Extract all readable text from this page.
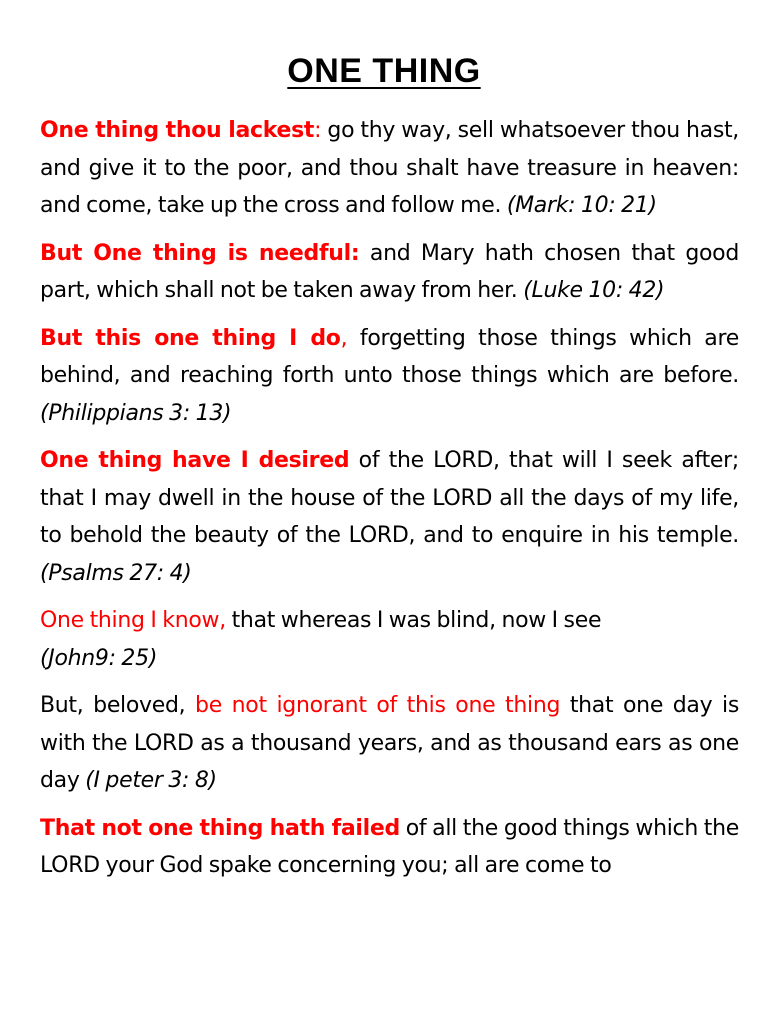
ONE THING

One thing thou lackest: go thy way, sell whatsoever thou hast, and give it to the poor, and thou shalt have treasure in heaven: and come, take up the cross and follow me. (Mark: 10: 21)

But One thing is needful: and Mary hath chosen that good part, which shall not be taken away from her. (Luke 10: 42)

But this one thing I do, forgetting those things which are behind, and reaching forth unto those things which are before. (Philippians 3: 13)

One thing have I desired of the LORD, that will I seek after; that I may dwell in the house of the LORD all the days of my life, to behold the beauty of the LORD, and to enquire in his temple. (Psalms 27: 4)

One thing I know, that whereas I was blind, now I see
(John9: 25)

But, beloved, be not ignorant of this one thing that one day is with the LORD as a thousand years, and as thousand ears as one day (I peter 3: 8)

That not one thing hath failed of all the good things which the LORD your God spake concerning you; all are come to
